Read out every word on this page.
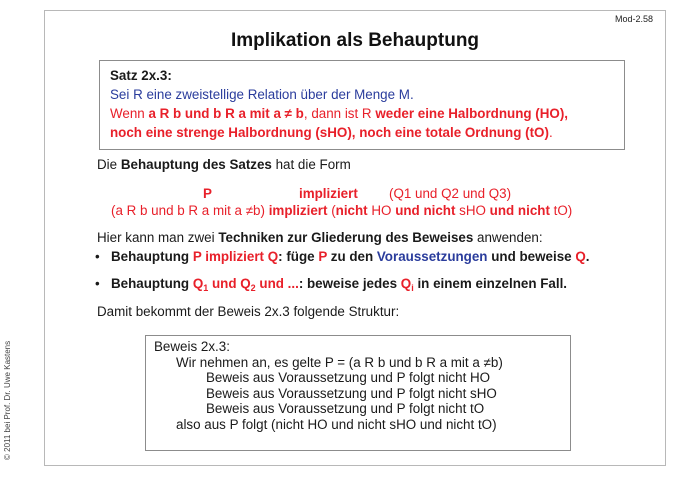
Mod-2.58
Implikation als Behauptung
Satz 2x.3:
Sei R eine zweistellige Relation über der Menge M.
Wenn a R b und b R a mit a ≠ b, dann ist R weder eine Halbordnung (HO),
noch eine strenge Halbordnung (sHO), noch eine totale Ordnung (tO).
Die Behauptung des Satzes hat die Form
P	impliziert (Q1 und Q2 und Q3)
(a R b und b R a mit a ≠b) impliziert (nicht HO und nicht sHO und nicht tO)
Hier kann man zwei Techniken zur Gliederung des Beweises anwenden:
• Behauptung P impliziert Q: füge P zu den Voraussetzungen und beweise Q.
• Behauptung $Q_1$ und $Q_2$ und ...: beweise jedes $Q_i$ in einem einzelnen Fall.
Damit bekommt der Beweis 2x.3 folgende Struktur:
Beweis 2x.3:
Wir nehmen an, es gelte P = (a R b und b R a mit a ≠b)
Beweis aus Voraussetzung und P folgt nicht HO
Beweis aus Voraussetzung und P folgt nicht sHO
Beweis aus Voraussetzung und P folgt nicht tO
also aus P folgt (nicht HO und nicht sHO und nicht tO)
© 2011 bei Prof. Dr. Uwe Kastens
